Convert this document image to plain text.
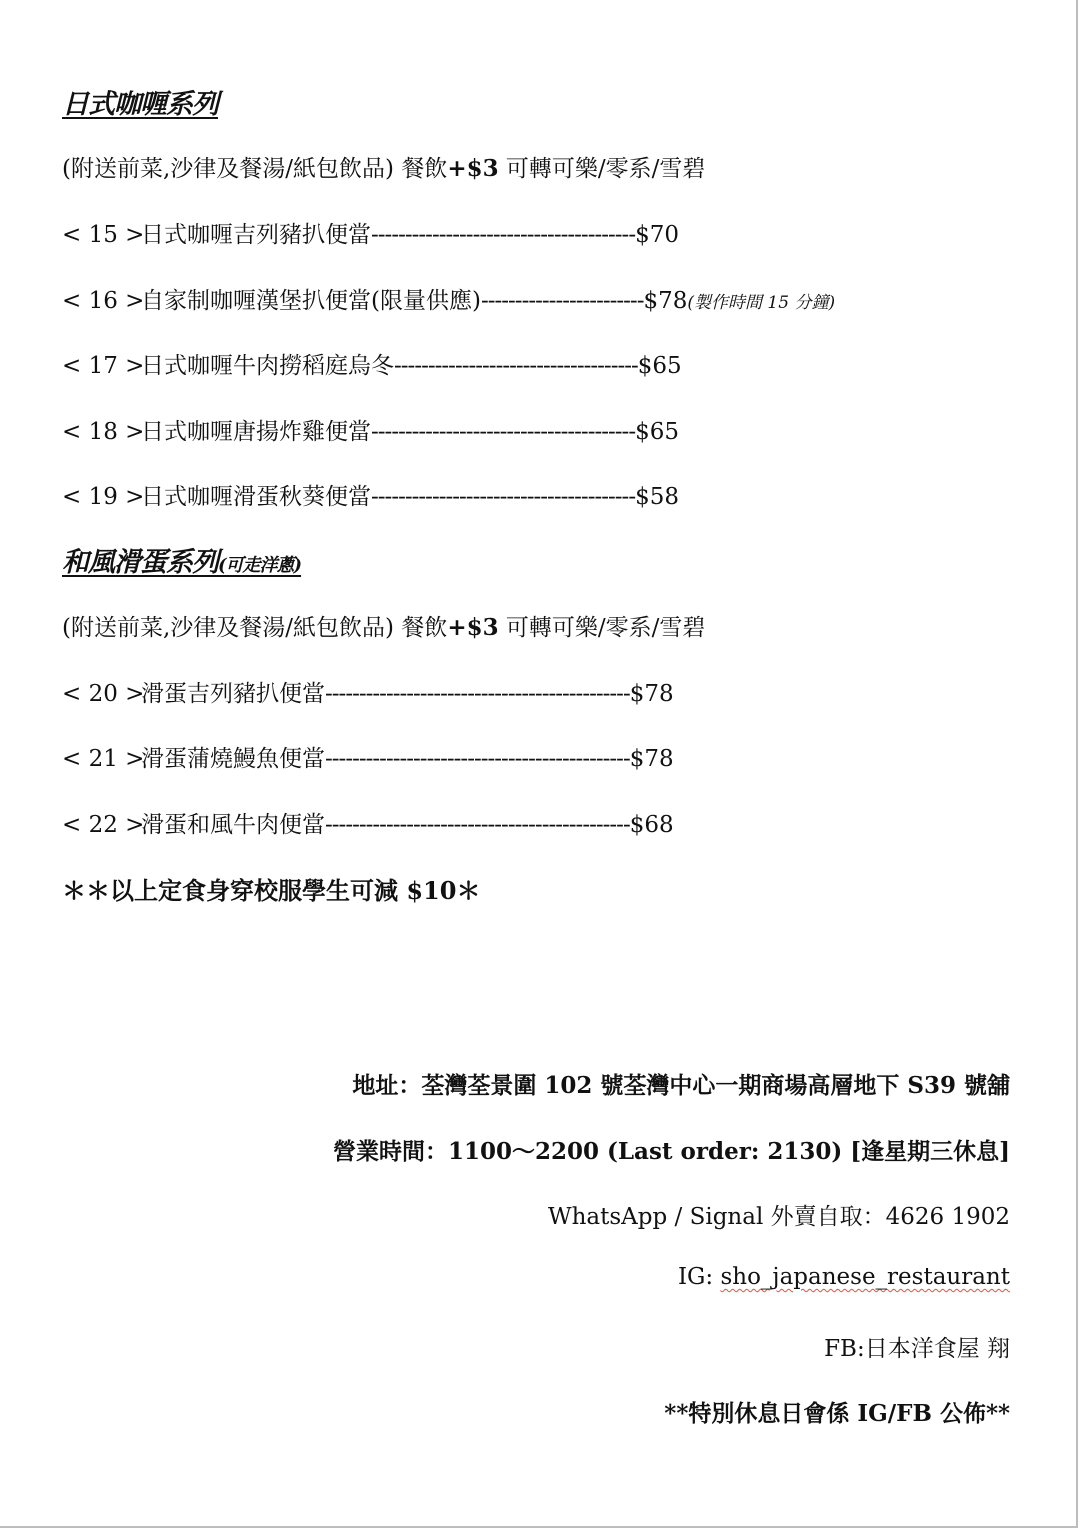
日式咖喱系列
(附送前菜,沙律及餐湯/紙包飲品) 餐飲+$3 可轉可樂/零系/雪碧
< 15 >
日式咖喱吉列豬扒便當 --------------------------------------- $70
< 16 >
自家制咖喱漢堡扒便當(限量供應) ------------------------ $78 (製作時間 15 分鐘)
< 17 >
日式咖喱牛肉撈稻庭烏冬 ------------------------------------ $65
< 18 >
日式咖喱唐揚炸雞便當 --------------------------------------- $65
< 19 >
日式咖喱滑蛋秋葵便當 --------------------------------------- $58
和風滑蛋系列(可走洋蔥)
(附送前菜,沙律及餐湯/紙包飲品) 餐飲+$3 可轉可樂/零系/雪碧
< 20 >
滑蛋吉列豬扒便當 --------------------------------------------- $78
< 21 >
滑蛋蒲燒鰻魚便當 --------------------------------------------- $78
< 22 >
滑蛋和風牛肉便當 --------------------------------------------- $68
＊＊以上定食身穿校服學生可減 $10＊
地址：荃灣荃景圍 102 號荃灣中心一期商場高層地下 S39 號舖
營業時間：1100～2200 (Last order: 2130) [逢星期三休息]
WhatsApp / Signal 外賣自取：4626 1902
IG: sho_japanese_restaurant
FB:日本洋食屋 翔
**特別休息日會係 IG/FB 公佈**
